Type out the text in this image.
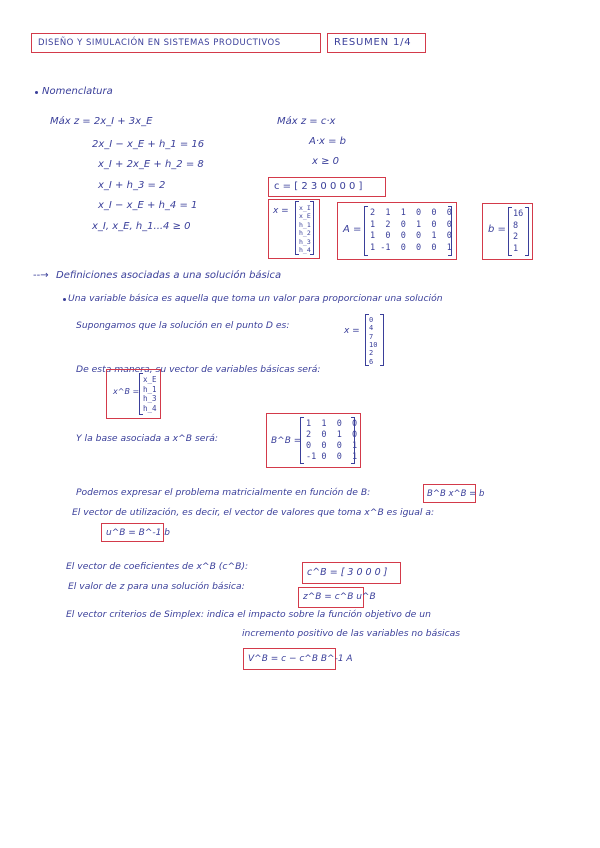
DISEÑO Y SIMULACIÓN EN SISTEMAS PRODUCTIVOS	RESUMEN 1/4
Nomenclatura
Máx z = 2x_I + 3x_E
2x_I − x_E + h_1 = 16
x_I + 2x_E + h_2 = 8
x_I + h_3 = 2
x_I − x_E + h_4 = 1
x_I, x_E, h_1...4 ≥ 0
Máx z = c·x
A·x = b
x ≥ 0
c = [ 2 3 0 0 0 0 ]
x = x_I
x_E
h_1
h_2
h_3
h_4
A =
2  1  1  0  0  0
1  2  0  1  0  0
1  0  0  0  1  0
1 -1  0  0  0  1
b =
16
8
2
1
--→ Definiciones asociadas a una solución básica
Una variable básica es aquella que toma un valor para proporcionar una solución
Supongamos que la solución en el punto D es:	x =
0
4
7
10
2
6
De esta manera, su vector de variables básicas será:
x^B =
x_E
h_1
h_3
h_4
Y la base asociada a x^B será:	B^B =
1  1  0  0
2  0  1  0
0  0  0  1
-1 0  0  1
Podemos expresar el problema matricialmente en función de B:	B^B x^B = b
El vector de utilización, es decir, el vector de valores que toma x^B es igual a:
u^B = B^-1 b
El vector de coeficientes de x^B (c^B):
c^B = [ 3 0 0 0 ]
El valor de z para una solución básica:
z^B = c^B u^B
El vector criterios de Simplex: indica el impacto sobre la función objetivo de un
incremento positivo de las variables no básicas
V^B = c − c^B B^-1 A
